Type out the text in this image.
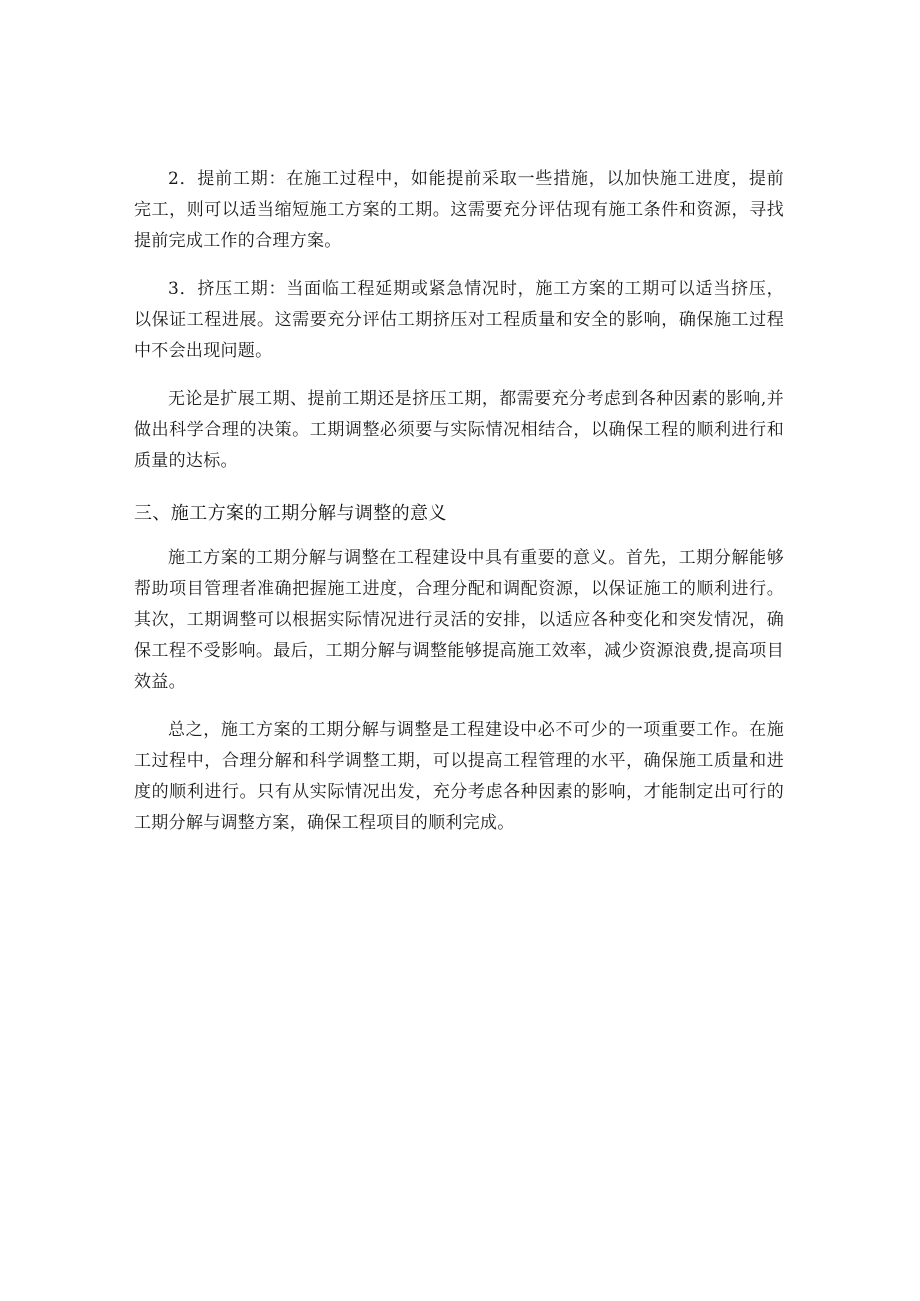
2．提前工期：在施工过程中，如能提前采取一些措施，以加快施工进度，提前完工，则可以适当缩短施工方案的工期。这需要充分评估现有施工条件和资源，寻找提前完成工作的合理方案。

3．挤压工期：当面临工程延期或紧急情况时，施工方案的工期可以适当挤压，以保证工程进展。这需要充分评估工期挤压对工程质量和安全的影响，确保施工过程中不会出现问题。

无论是扩展工期、提前工期还是挤压工期，都需要充分考虑到各种因素的影响,并做出科学合理的决策。工期调整必须要与实际情况相结合，以确保工程的顺利进行和质量的达标。

三、施工方案的工期分解与调整的意义

施工方案的工期分解与调整在工程建设中具有重要的意义。首先，工期分解能够帮助项目管理者准确把握施工进度，合理分配和调配资源，以保证施工的顺利进行。其次，工期调整可以根据实际情况进行灵活的安排，以适应各种变化和突发情况，确保工程不受影响。最后，工期分解与调整能够提高施工效率，减少资源浪费,提高项目效益。

总之，施工方案的工期分解与调整是工程建设中必不可少的一项重要工作。在施工过程中，合理分解和科学调整工期，可以提高工程管理的水平，确保施工质量和进度的顺利进行。只有从实际情况出发，充分考虑各种因素的影响，才能制定出可行的工期分解与调整方案，确保工程项目的顺利完成。
